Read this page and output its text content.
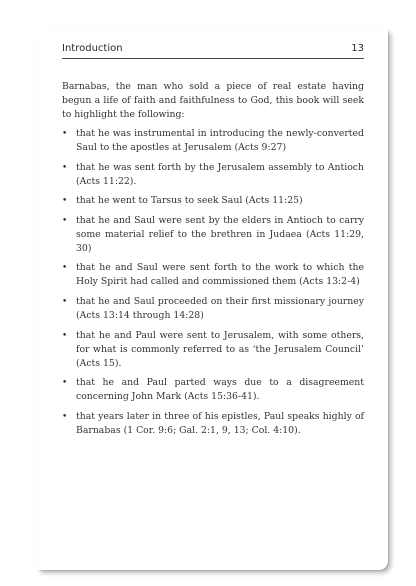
Introduction	13

Barnabas, the man who sold a piece of real estate having begun a life of faith and faithfulness to God, this book will seek to highlight the following:

• that he was instrumental in introducing the newly-converted Saul to the apostles at Jerusalem (Acts 9:27)
• that he was sent forth by the Jerusalem assembly to Antioch (Acts 11:22).
• that he went to Tarsus to seek Saul (Acts 11:25)
• that he and Saul were sent by the elders in Antioch to carry some material relief to the brethren in Judaea (Acts 11:29, 30)
• that he and Saul were sent forth to the work to which the Holy Spirit had called and commissioned them (Acts 13:2-4)
• that he and Saul proceeded on their first missionary journey (Acts 13:14 through 14:28)
• that he and Paul were sent to Jerusalem, with some others, for what is commonly referred to as ‘the Jerusalem Council’ (Acts 15).
• that he and Paul parted ways due to a disagreement concerning John Mark (Acts 15:36-41).
• that years later in three of his epistles, Paul speaks highly of Barnabas (1 Cor. 9:6; Gal. 2:1, 9, 13; Col. 4:10).
